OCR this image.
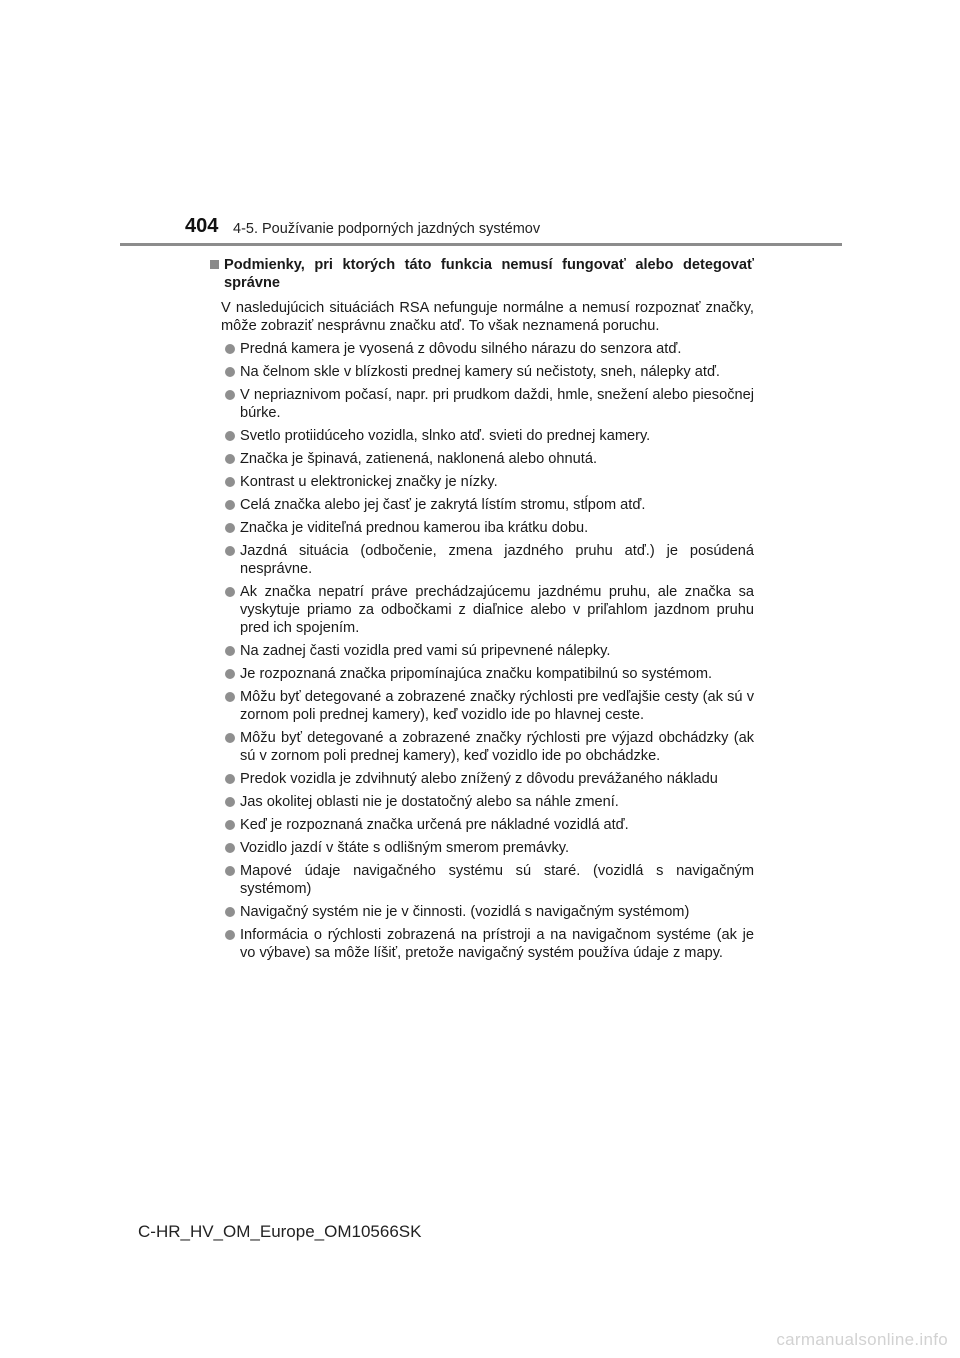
404 4-5. Používanie podporných jazdných systémov
Podmienky, pri ktorých táto funkcia nemusí fungovať alebo detegovať správne
V nasledujúcich situáciách RSA nefunguje normálne a nemusí rozpoznať značky, môže zobraziť nesprávnu značku atď. To však neznamená poruchu.
Predná kamera je vyosená z dôvodu silného nárazu do senzora atď.
Na čelnom skle v blízkosti prednej kamery sú nečistoty, sneh, nálepky atď.
V nepriaznivom počasí, napr. pri prudkom daždi, hmle, snežení alebo piesočnej búrke.
Svetlo protiidúceho vozidla, slnko atď. svieti do prednej kamery.
Značka je špinavá, zatienená, naklonená alebo ohnutá.
Kontrast u elektronickej značky je nízky.
Celá značka alebo jej časť je zakrytá lístím stromu, stĺpom atď.
Značka je viditeľná prednou kamerou iba krátku dobu.
Jazdná situácia (odbočenie, zmena jazdného pruhu atď.) je posúdená nesprávne.
Ak značka nepatrí práve prechádzajúcemu jazdnému pruhu, ale značka sa vyskytuje priamo za odbočkami z diaľnice alebo v priľahlom jazdnom pruhu pred ich spojením.
Na zadnej časti vozidla pred vami sú pripevnené nálepky.
Je rozpoznaná značka pripomínajúca značku kompatibilnú so systémom.
Môžu byť detegované a zobrazené značky rýchlosti pre vedľajšie cesty (ak sú v zornom poli prednej kamery), keď vozidlo ide po hlavnej ceste.
Môžu byť detegované a zobrazené značky rýchlosti pre výjazd obchádzky (ak sú v zornom poli prednej kamery), keď vozidlo ide po obchádzke.
Predok vozidla je zdvihnutý alebo znížený z dôvodu prevážaného nákladu
Jas okolitej oblasti nie je dostatočný alebo sa náhle zmení.
Keď je rozpoznaná značka určená pre nákladné vozidlá atď.
Vozidlo jazdí v štáte s odlišným smerom premávky.
Mapové údaje navigačného systému sú staré. (vozidlá s navigačným systémom)
Navigačný systém nie je v činnosti. (vozidlá s navigačným systémom)
Informácia o rýchlosti zobrazená na prístroji a na navigačnom systéme (ak je vo výbave) sa môže líšiť, pretože navigačný systém používa údaje z mapy.
C-HR_HV_OM_Europe_OM10566SK
carmanualsonline.info
